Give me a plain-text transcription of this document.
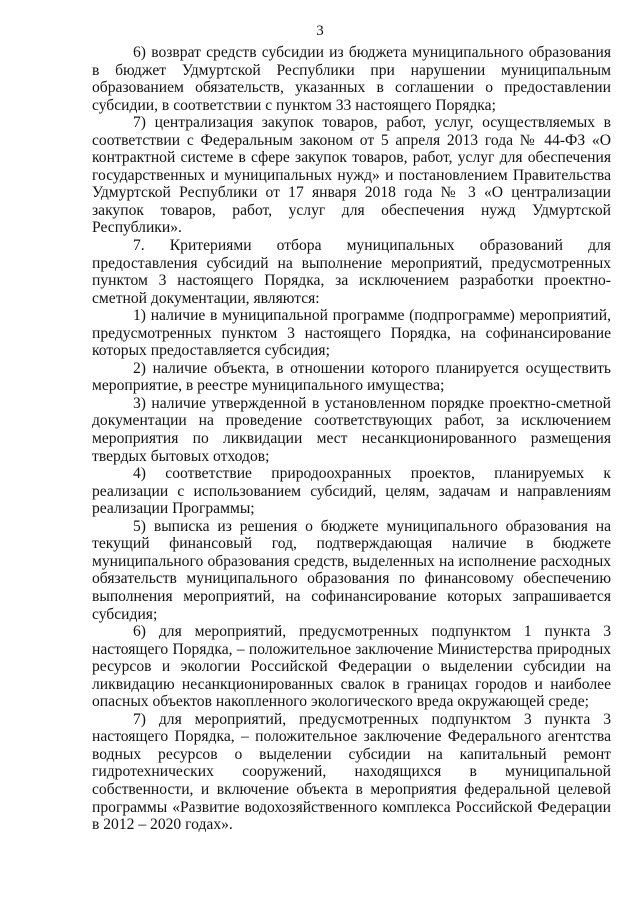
3

6) возврат средств субсидии из бюджета муниципального образования в бюджет Удмуртской Республики при нарушении муниципальным образованием обязательств, указанных в соглашении о предоставлении субсидии, в соответствии с пунктом 33 настоящего Порядка;

7) централизация закупок товаров, работ, услуг, осуществляемых в соответствии с Федеральным законом от 5 апреля 2013 года № 44-ФЗ «О контрактной системе в сфере закупок товаров, работ, услуг для обеспечения государственных и муниципальных нужд» и постановлением Правительства Удмуртской Республики от 17 января 2018 года № 3 «О централизации закупок товаров, работ, услуг для обеспечения нужд Удмуртской Республики».

7. Критериями отбора муниципальных образований для предоставления субсидий на выполнение мероприятий, предусмотренных пунктом 3 настоящего Порядка, за исключением разработки проектно-сметной документации, являются:

1) наличие в муниципальной программе (подпрограмме) мероприятий, предусмотренных пунктом 3 настоящего Порядка, на софинансирование которых предоставляется субсидия;

2) наличие объекта, в отношении которого планируется осуществить мероприятие, в реестре муниципального имущества;

3) наличие утвержденной в установленном порядке проектно-сметной документации на проведение соответствующих работ, за исключением мероприятия по ликвидации мест несанкционированного размещения твердых бытовых отходов;

4) соответствие природоохранных проектов, планируемых к реализации с использованием субсидий, целям, задачам и направлениям реализации Программы;

5) выписка из решения о бюджете муниципального образования на текущий финансовый год, подтверждающая наличие в бюджете муниципального образования средств, выделенных на исполнение расходных обязательств муниципального образования по финансовому обеспечению выполнения мероприятий, на софинансирование которых запрашивается субсидия;

6) для мероприятий, предусмотренных подпунктом 1 пункта 3 настоящего Порядка, – положительное заключение Министерства природных ресурсов и экологии Российской Федерации о выделении субсидии на ликвидацию несанкционированных свалок в границах городов и наиболее опасных объектов накопленного экологического вреда окружающей среде;

7) для мероприятий, предусмотренных подпунктом 3 пункта 3 настоящего Порядка, – положительное заключение Федерального агентства водных ресурсов о выделении субсидии на капитальный ремонт гидротехнических сооружений, находящихся в муниципальной собственности, и включение объекта в мероприятия федеральной целевой программы «Развитие водохозяйственного комплекса Российской Федерации в 2012 – 2020 годах».
